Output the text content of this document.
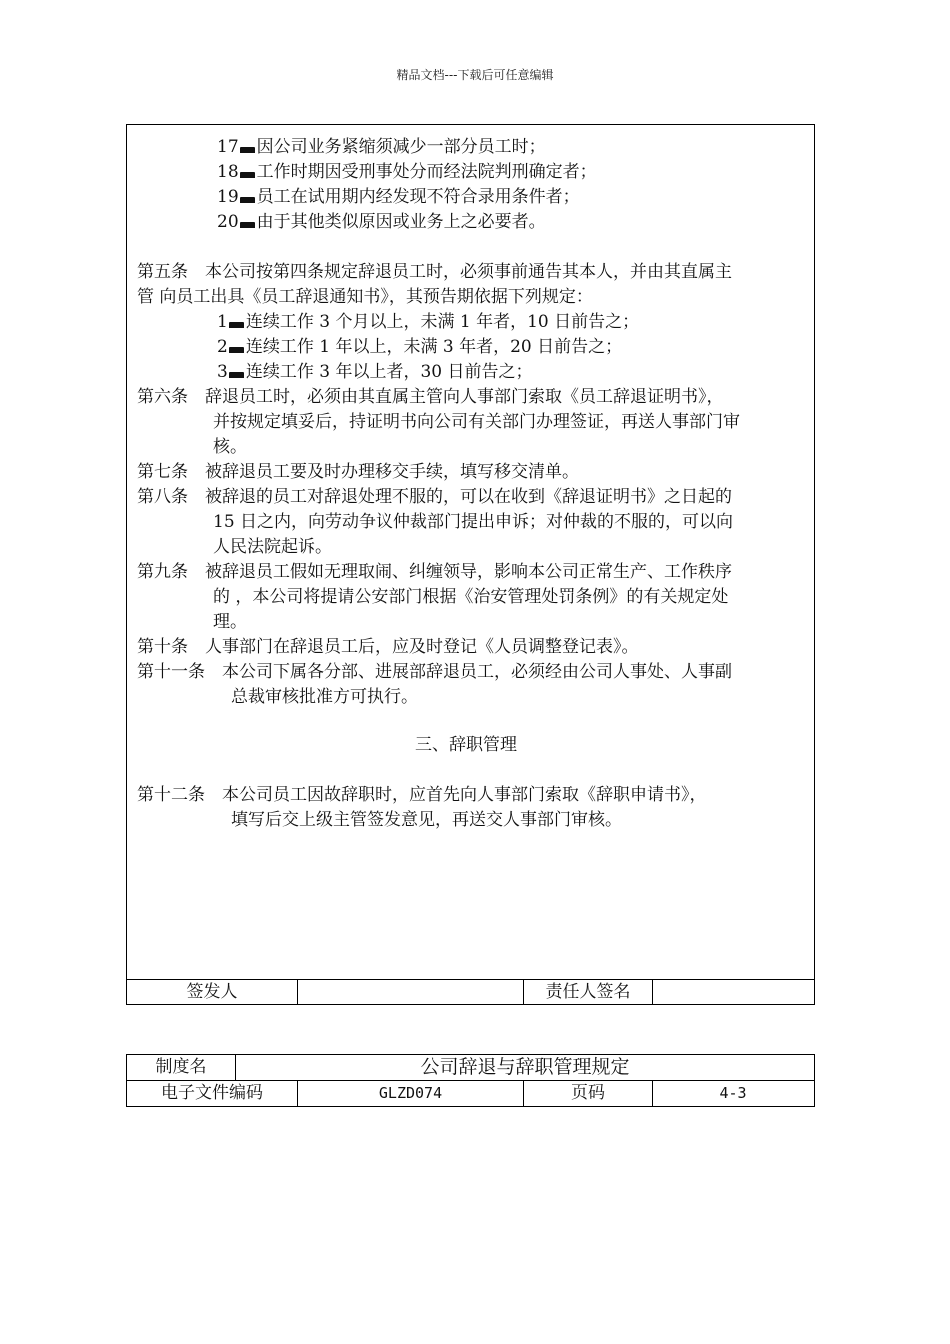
精品文档---下载后可任意编辑
17 因公司业务紧缩须减少一部分员工时；
18 工作时期因受刑事处分而经法院判刑确定者；
19 员工在试用期内经发现不符合录用条件者；
20 由于其他类似原因或业务上之必要者。
第五条　本公司按第四条规定辞退员工时，必须事前通告其本人，并由其直属主
管 向员工出具《员工辞退通知书》，其预告期依据下列规定：
1 连续工作 3 个月以上，未满 1 年者，10 日前告之；
2 连续工作 1 年以上，未满 3 年者，20 日前告之；
3 连续工作 3 年以上者，30 日前告之；
第六条　辞退员工时，必须由其直属主管向人事部门索取《员工辞退证明书》，
并按规定填妥后，持证明书向公司有关部门办理签证，再送人事部门审
核。
第七条　被辞退员工要及时办理移交手续，填写移交清单。
第八条　被辞退的员工对辞退处理不服的，可以在收到《辞退证明书》之日起的
15 日之内，向劳动争议仲裁部门提出申诉；对仲裁的不服的，可以向
人民法院起诉。
第九条　被辞退员工假如无理取闹、纠缠领导，影响本公司正常生产、工作秩序
的 ，本公司将提请公安部门根据《治安管理处罚条例》的有关规定处
理。
第十条　人事部门在辞退员工后，应及时登记《人员调整登记表》。
第十一条　本公司下属各分部、进展部辞退员工，必须经由公司人事处、人事副
总裁审核批准方可执行。
三、辞职管理
第十二条　本公司员工因故辞职时，应首先向人事部门索取《辞职申请书》，
填写后交上级主管签发意见，再送交人事部门审核。
签发人	责任人签名
制度名	公司辞退与辞职管理规定
电子文件编码	GLZD074	页码	4-3
